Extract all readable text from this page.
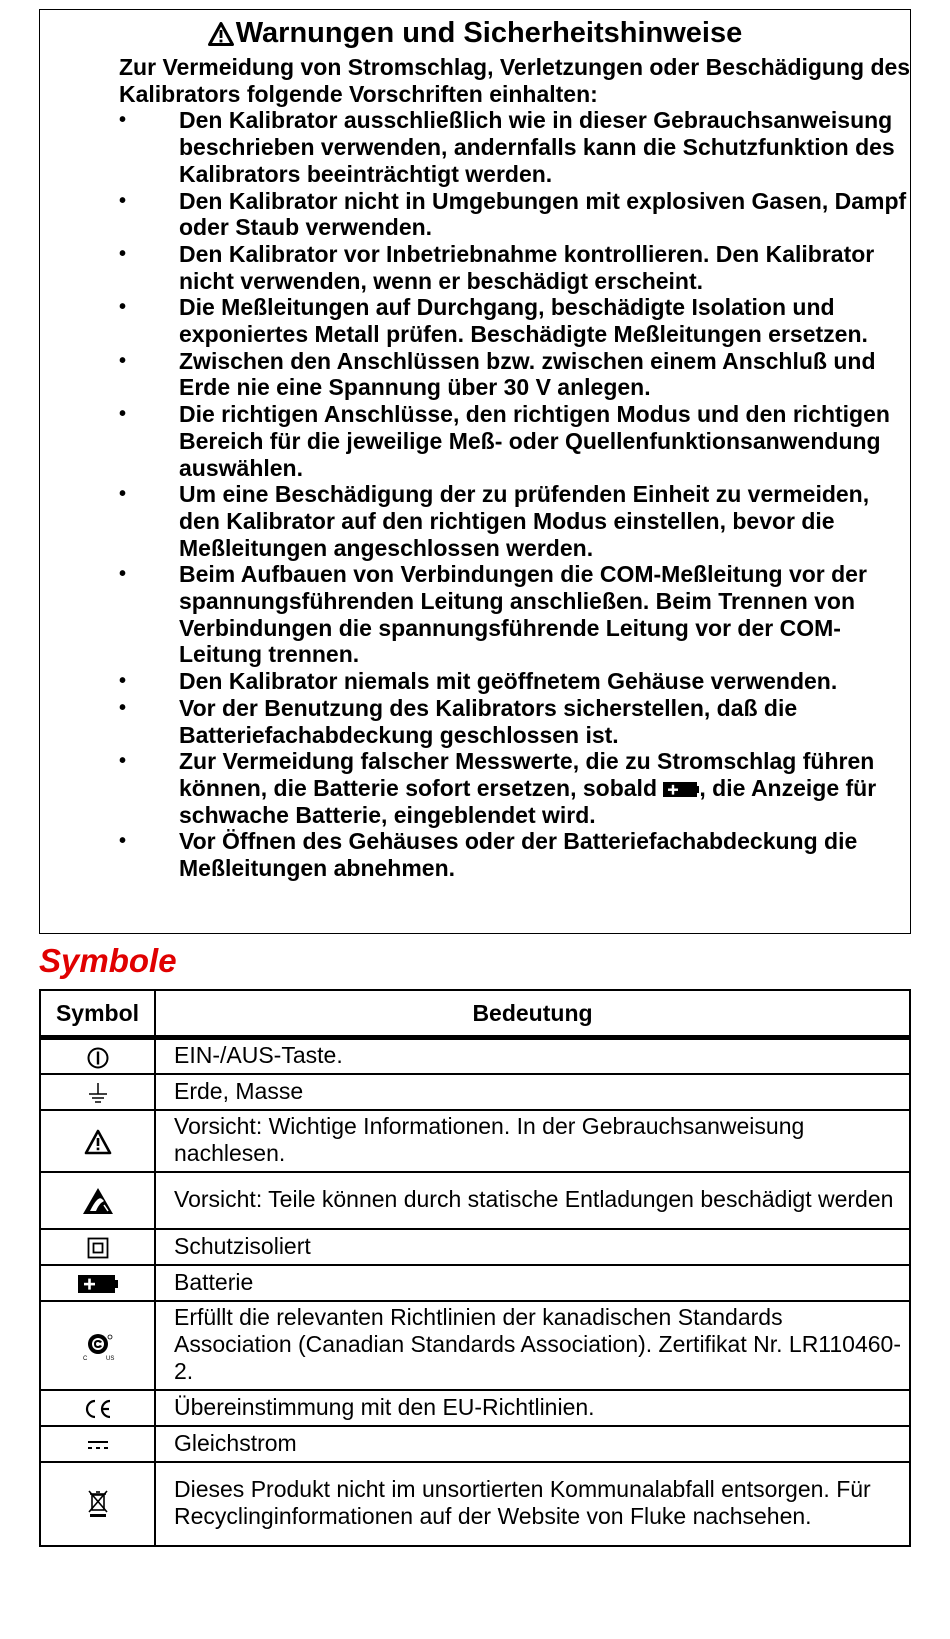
Warnungen und Sicherheitshinweise

Zur Vermeidung von Stromschlag, Verletzungen oder Beschädigung des Kalibrators folgende Vorschriften einhalten:

•	Den Kalibrator ausschließlich wie in dieser Gebrauchsanweisung beschrieben verwenden, andernfalls kann die Schutzfunktion des Kalibrators beeinträchtigt werden.
•	Den Kalibrator nicht in Umgebungen mit explosiven Gasen, Dampf oder Staub verwenden.
•	Den Kalibrator vor Inbetriebnahme kontrollieren. Den Kalibrator nicht verwenden, wenn er beschädigt erscheint.
•	Die Meßleitungen auf Durchgang, beschädigte Isolation und exponiertes Metall prüfen. Beschädigte Meßleitungen ersetzen.
•	Zwischen den Anschlüssen bzw. zwischen einem Anschluß und Erde nie eine Spannung über 30 V anlegen.
•	Die richtigen Anschlüsse, den richtigen Modus und den richtigen Bereich für die jeweilige Meß- oder Quellenfunktionsanwendung auswählen.
•	Um eine Beschädigung der zu prüfenden Einheit zu vermeiden, den Kalibrator auf den richtigen Modus einstellen, bevor die Meßleitungen angeschlossen werden.
•	Beim Aufbauen von Verbindungen die COM-Meßleitung vor der spannungsführenden Leitung anschließen. Beim Trennen von Verbindungen die spannungsführende Leitung vor der COM-Leitung trennen.
•	Den Kalibrator niemals mit geöffnetem Gehäuse verwenden.
•	Vor der Benutzung des Kalibrators sicherstellen, daß die Batteriefachabdeckung geschlossen ist.
•	Zur Vermeidung falscher Messwerte, die zu Stromschlag führen können, die Batterie sofort ersetzen, sobald , die Anzeige für schwache Batterie, eingeblendet wird.
•	Vor Öffnen des Gehäuses oder der Batteriefachabdeckung die Meßleitungen abnehmen.
Symbole
Symbol	Bedeutung
	EIN-/AUS-Taste.
	Erde, Masse
	Vorsicht: Wichtige Informationen. In der Gebrauchsanweisung nachlesen.
	Vorsicht: Teile können durch statische Entladungen beschädigt werden
	Schutzisoliert
	Batterie

C US	Erfüllt die relevanten Richtlinien der kanadischen Standards Association (Canadian Standards Association). Zertifikat Nr. LR110460-2.
	Übereinstimmung mit den EU-Richtlinien.
	Gleichstrom
	Dieses Produkt nicht im unsortierten Kommunalabfall entsorgen. Für Recyclinginformationen auf der Website von Fluke nachsehen.
